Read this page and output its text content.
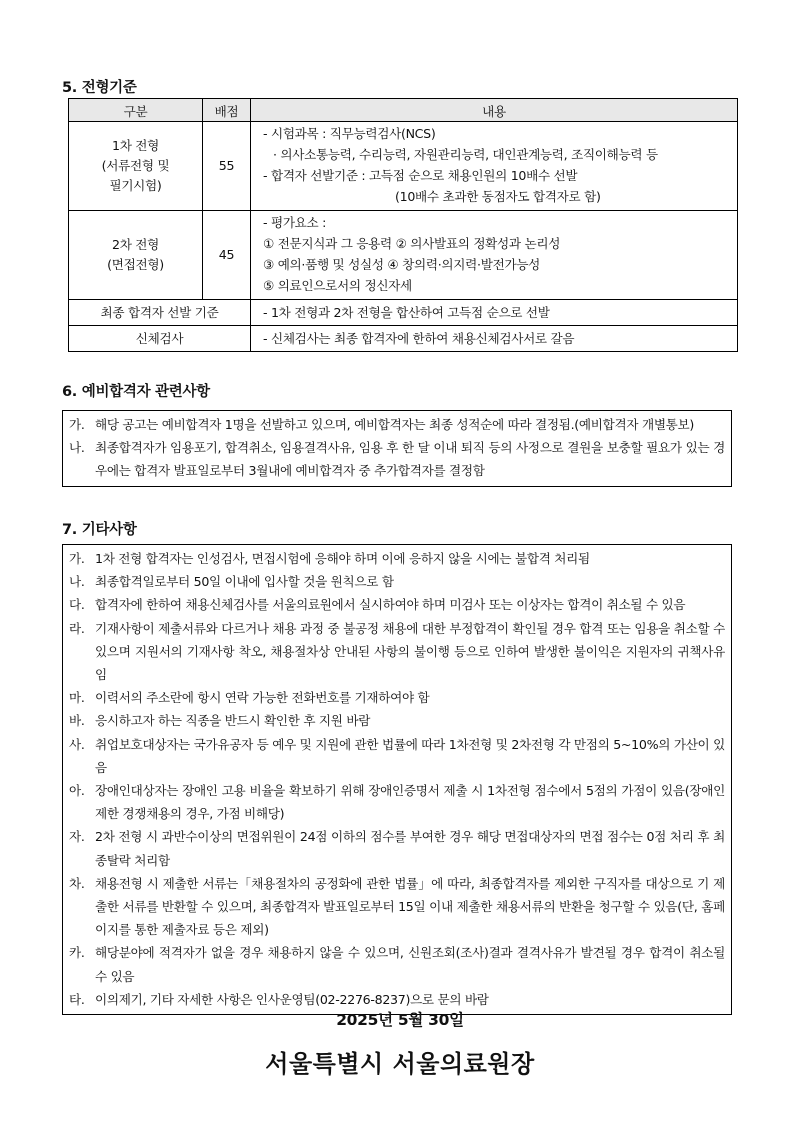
5. 전형기준
구분	배점	내용
1차 전형
(서류전형 및
필기시험)	55	- 시험과목 : 직무능력검사(NCS)
· 의사소통능력, 수리능력, 자원관리능력, 대인관계능력, 조직이해능력 등
- 합격자 선발기준 : 고득점 순으로 채용인원의 10배수 선발
(10배수 초과한 동점자도 합격자로 함)

2차 전형
(면접전형)	45	- 평가요소 :
① 전문지식과 그 응용력 ② 의사발표의 정확성과 논리성
③ 예의·품행 및 성실성 ④ 창의력·의지력·발전가능성
⑤ 의료인으로서의 정신자세

최종 합격자 선발 기준		- 1차 전형과 2차 전형을 합산하여 고득점 순으로 선발

신체검사		- 신체검사는 최종 합격자에 한하여 채용신체검사서로 갈음
6. 예비합격자 관련사항
가. 해당 공고는 예비합격자 1명을 선발하고 있으며, 예비합격자는 최종 성적순에 따라 결정됨.(예비합격자 개별통보)
나. 최종합격자가 임용포기, 합격취소, 임용결격사유, 임용 후 한 달 이내 퇴직 등의 사정으로 결원을 보충할 필요가 있는 경우에는 합격자 발표일로부터 3월내에 예비합격자 중 추가합격자를 결정함
7. 기타사항
가. 1차 전형 합격자는 인성검사, 면접시험에 응해야 하며 이에 응하지 않을 시에는 불합격 처리됨
나. 최종합격일로부터 50일 이내에 입사할 것을 원칙으로 함
다. 합격자에 한하여 채용신체검사를 서울의료원에서 실시하여야 하며 미검사 또는 이상자는 합격이 취소될 수 있음
라. 기재사항이 제출서류와 다르거나 채용 과정 중 불공정 채용에 대한 부정합격이 확인될 경우 합격 또는 임용을 취소할 수 있으며 지원서의 기재사항 착오, 채용절차상 안내된 사항의 불이행 등으로 인하여 발생한 불이익은 지원자의 귀책사유임
마. 이력서의 주소란에 항시 연락 가능한 전화번호를 기재하여야 함
바. 응시하고자 하는 직종을 반드시 확인한 후 지원 바람
사. 취업보호대상자는 국가유공자 등 예우 및 지원에 관한 법률에 따라 1차전형 및 2차전형 각 만점의 5~10%의 가산이 있음
아. 장애인대상자는 장애인 고용 비율을 확보하기 위해 장애인증명서 제출 시 1차전형 점수에서 5점의 가점이 있음(장애인 제한 경쟁채용의 경우, 가점 비해당)
자. 2차 전형 시 과반수이상의 면접위원이 24점 이하의 점수를 부여한 경우 해당 면접대상자의 면접 점수는 0점 처리 후 최종탈락 처리함
차. 채용전형 시 제출한 서류는「채용절차의 공정화에 관한 법률」에 따라, 최종합격자를 제외한 구직자를 대상으로 기 제출한 서류를 반환할 수 있으며, 최종합격자 발표일로부터 15일 이내 제출한 채용서류의 반환을 청구할 수 있음(단, 홈페이지를 통한 제출자료 등은 제외)
카. 해당분야에 적격자가 없을 경우 채용하지 않을 수 있으며, 신원조회(조사)결과 결격사유가 발견될 경우 합격이 취소될 수 있음
타. 이의제기, 기타 자세한 사항은 인사운영팀(02-2276-8237)으로 문의 바람
2025년 5월 30일
서울특별시 서울의료원장
